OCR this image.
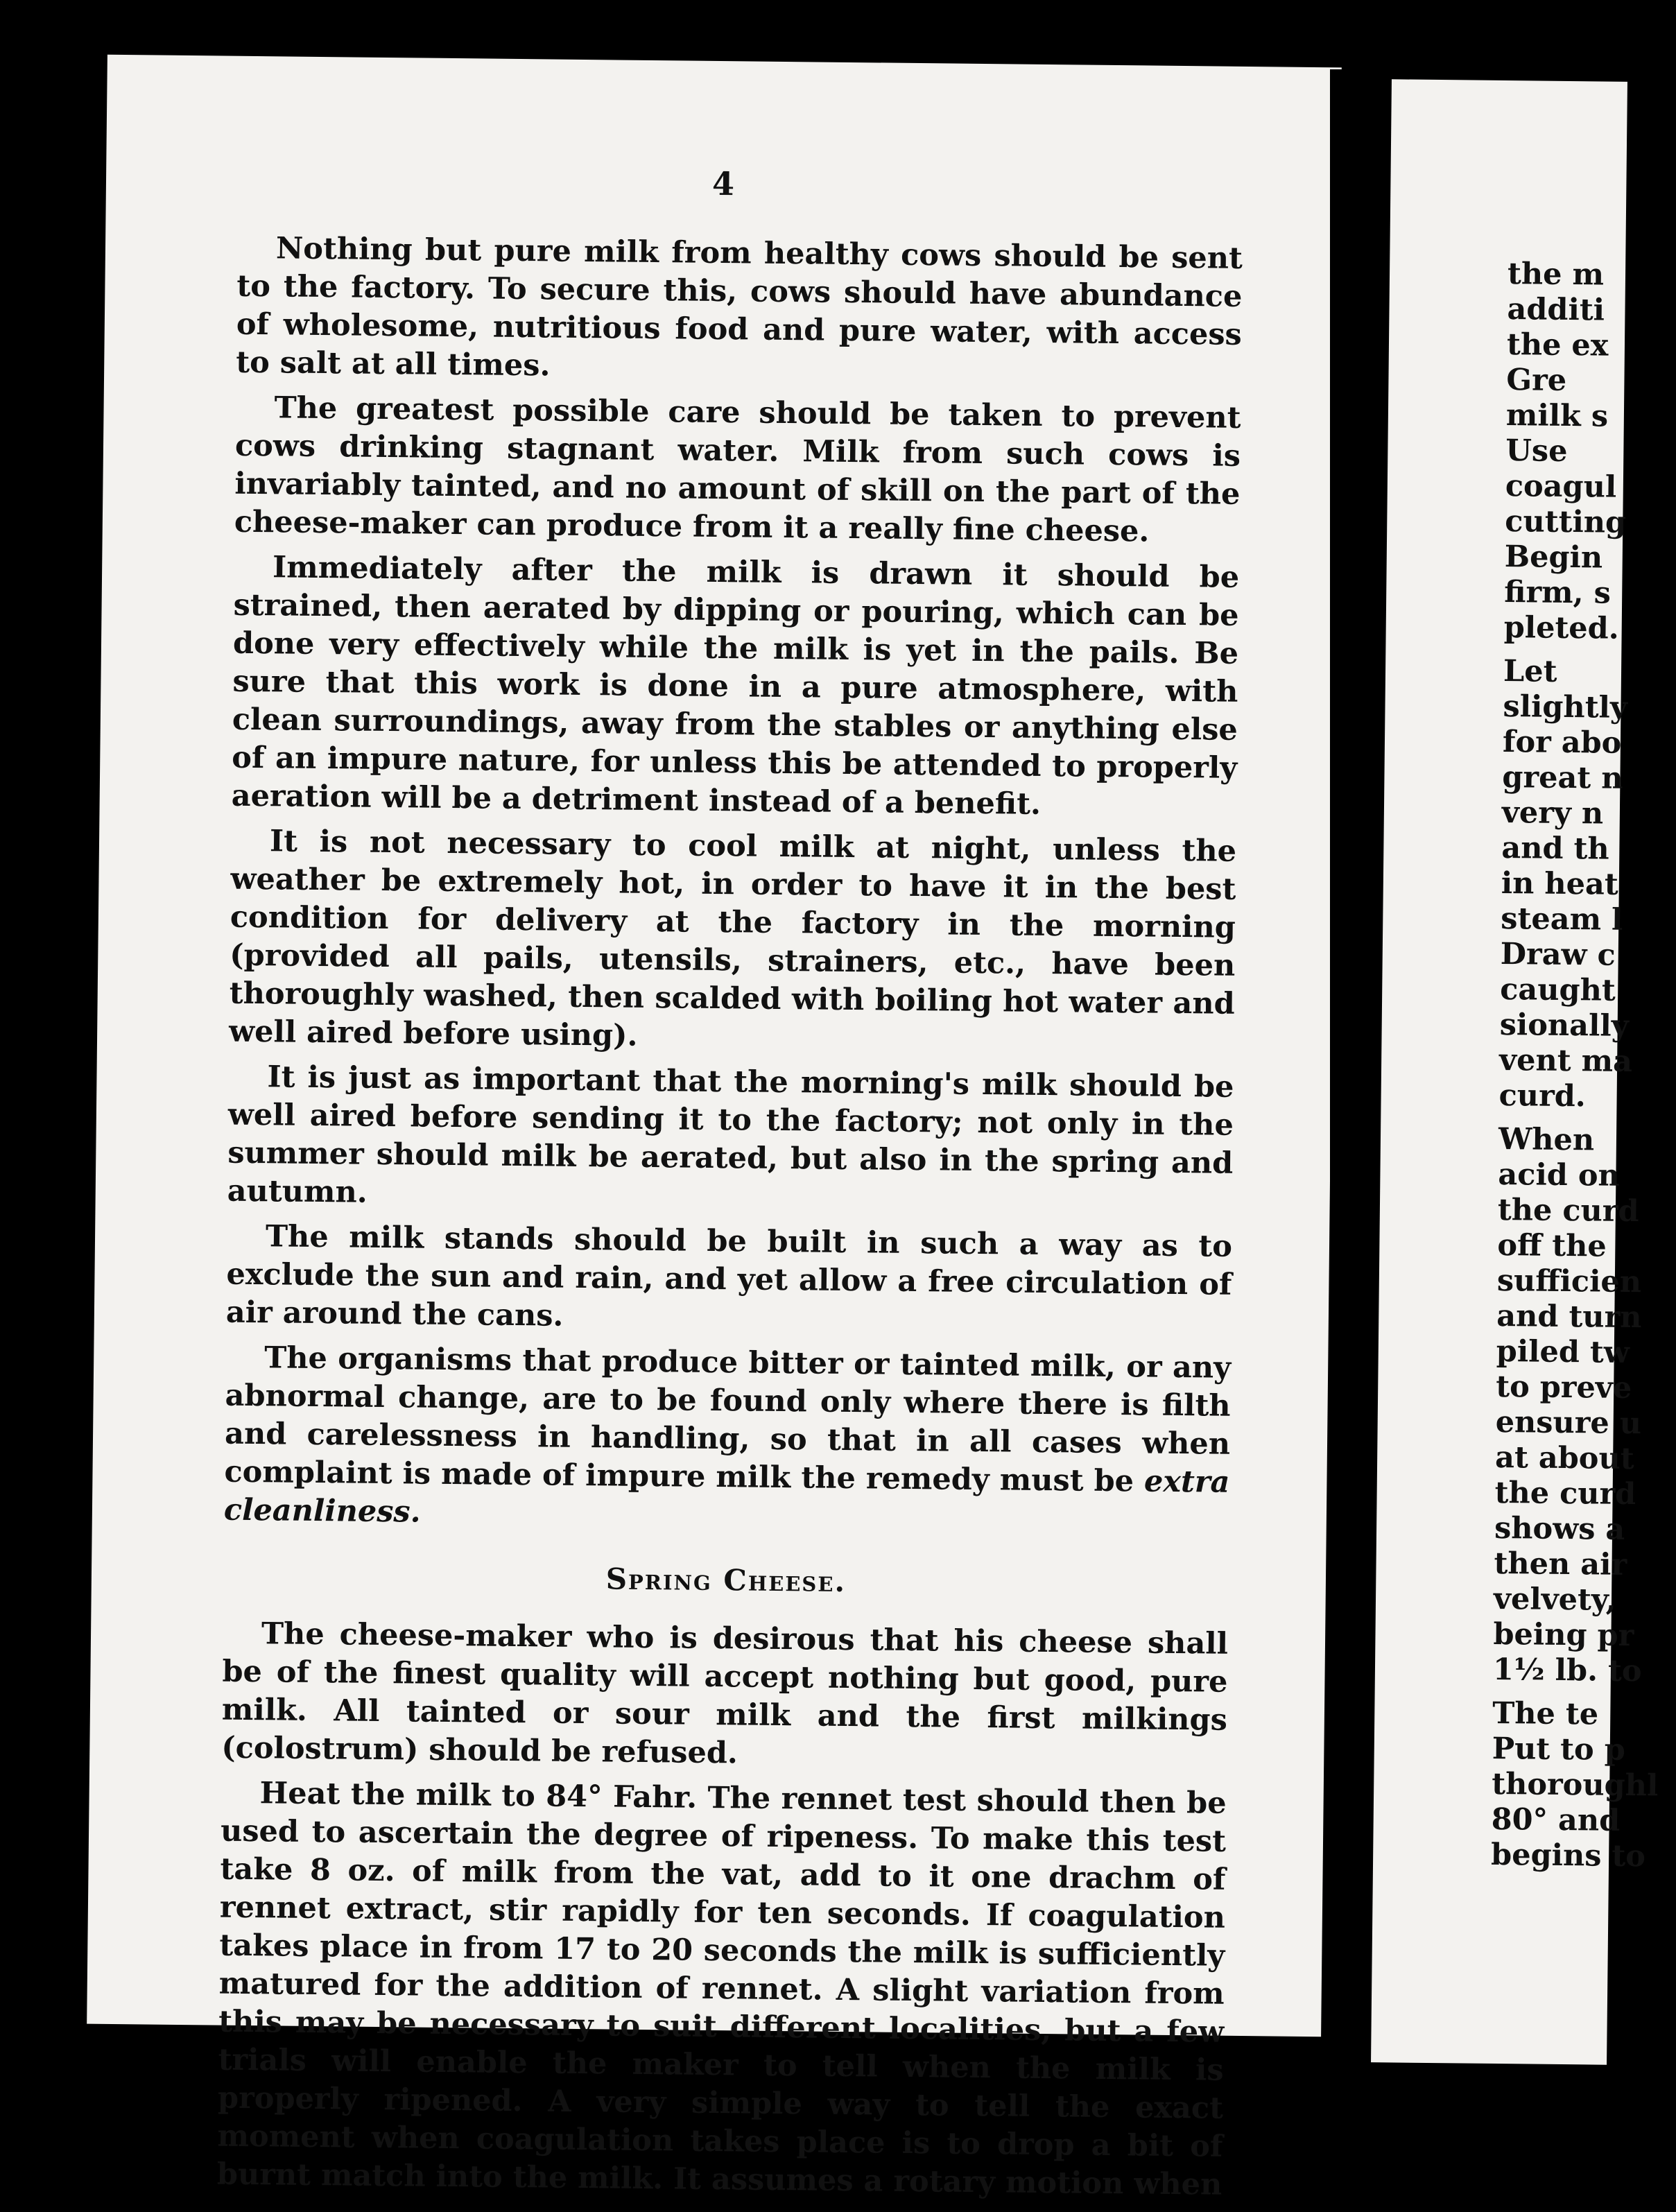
4

Nothing but pure milk from healthy cows should be sent to the factory. To secure this, cows should have abundance of wholesome, nutritious food and pure water, with access to salt at all times.

The greatest possible care should be taken to prevent cows drinking stagnant water. Milk from such cows is invariably tainted, and no amount of skill on the part of the cheese-maker can produce from it a really fine cheese.

Immediately after the milk is drawn it should be strained, then aerated by dipping or pouring, which can be done very effectively while the milk is yet in the pails. Be sure that this work is done in a pure atmosphere, with clean surroundings, away from the stables or anything else of an impure nature, for unless this be attended to properly aeration will be a detriment instead of a benefit.

It is not necessary to cool milk at night, unless the weather be extremely hot, in order to have it in the best condition for delivery at the factory in the morning (provided all pails, utensils, strainers, etc., have been thoroughly washed, then scalded with boiling hot water and well aired before using).

It is just as important that the morning's milk should be well aired before sending it to the factory; not only in the summer should milk be aerated, but also in the spring and autumn.

The milk stands should be built in such a way as to exclude the sun and rain, and yet allow a free circulation of air around the cans.

The organisms that produce bitter or tainted milk, or any abnormal change, are to be found only where there is filth and carelessness in handling, so that in all cases when complaint is made of impure milk the remedy must be extra cleanliness.

Spring Cheese.

The cheese-maker who is desirous that his cheese shall be of the finest quality will accept nothing but good, pure milk. All tainted or sour milk and the first milkings (colostrum) should be refused.

Heat the milk to 84° Fahr. The rennet test should then be used to ascertain the degree of ripeness. To make this test take 8 oz. of milk from the vat, add to it one drachm of rennet extract, stir rapidly for ten seconds. If coagulation takes place in from 17 to 20 seconds the milk is sufficiently matured for the addition of rennet. A slight variation from this may be necessary to suit different localities, but a few trials will enable the maker to tell when the milk is properly ripened. A very simple way to tell the exact moment when coagulation takes place is to drop a bit of burnt match into the milk. It assumes a rotary motion when

the m
additi
the ex
Gre
milk s
Use
coagul
cutting
Begin
firm, s
pleted.
Let
slightly
for abo
great n
very n
and th
in heat
steam l
Draw c
caught
sionally
vent ma
curd.
When
acid on
the curd
off the
sufficien
and turn
piled tw
to preve
ensure u
at about
the curd
shows a
then air
velvety,
being pr
1½ lb. to
The te
Put to p
thoroughl
80° and
begins to
